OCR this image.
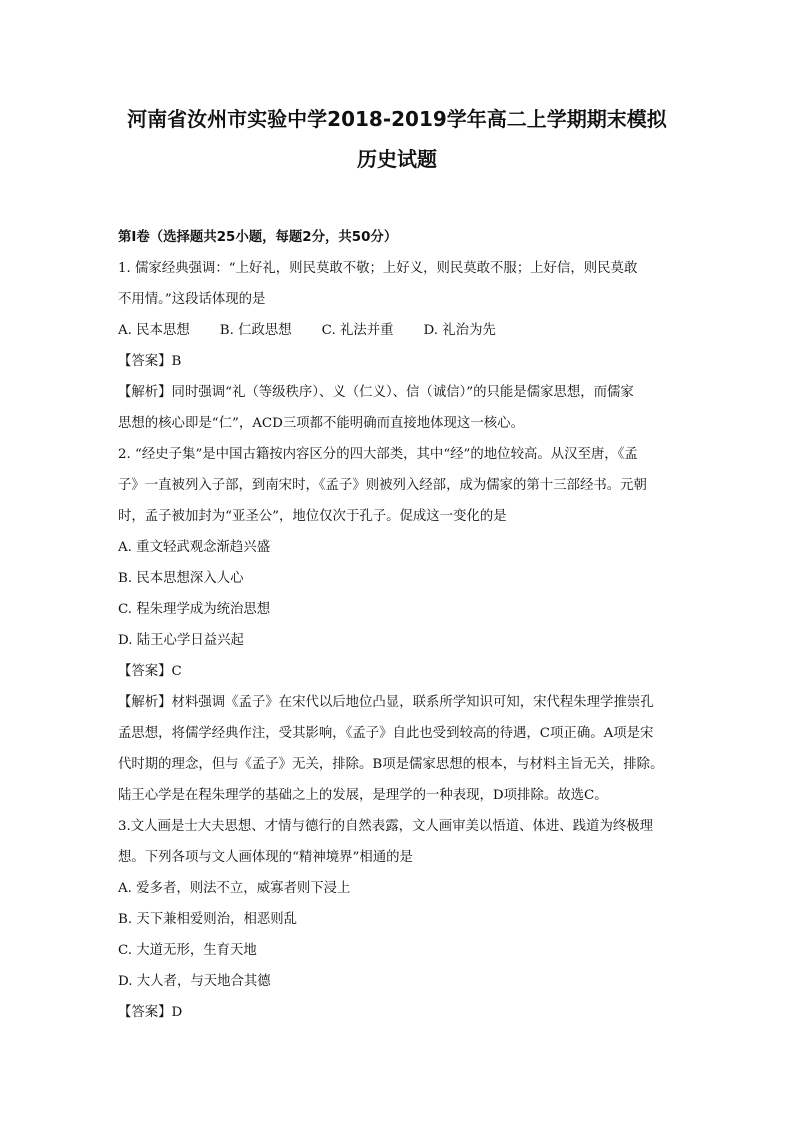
河南省汝州市实验中学2018-2019学年高二上学期期末模拟
历史试题
第Ⅰ卷（选择题共25小题，每题2分，共50分）
1. 儒家经典强调：“上好礼，则民莫敢不敬；上好义，则民莫敢不服；上好信，则民莫敢
不用情。”这段话体现的是
A. 民本思想 B. 仁政思想 C. 礼法并重 D. 礼治为先
【答案】B
【解析】同时强调“礼（等级秩序）、义（仁义）、信（诚信）”的只能是儒家思想，而儒家
思想的核心即是“仁”，ACD三项都不能明确而直接地体现这一核心。
2. “经史子集”是中国古籍按内容区分的四大部类，其中“经”的地位较高。从汉至唐，《孟
子》一直被列入子部，到南宋时，《孟子》则被列入经部，成为儒家的第十三部经书。元朝
时，孟子被加封为“亚圣公”，地位仅次于孔子。促成这一变化的是
A. 重文轻武观念渐趋兴盛
B. 民本思想深入人心
C. 程朱理学成为统治思想
D. 陆王心学日益兴起
【答案】C
【解析】材料强调《孟子》在宋代以后地位凸显，联系所学知识可知，宋代程朱理学推崇孔
孟思想，将儒学经典作注，受其影响，《孟子》自此也受到较高的待遇，C项正确。A项是宋
代时期的理念，但与《孟子》无关，排除。B项是儒家思想的根本，与材料主旨无关，排除。
陆王心学是在程朱理学的基础之上的发展，是理学的一种表现，D项排除。故选C。
3.文人画是士大夫思想、才情与德行的自然表露，文人画审美以悟道、体进、践道为终极理
想。下列各项与文人画体现的“精神境界”相通的是
A. 爱多者，则法不立，威寡者则下浸上
B. 天下兼相爱则治，相恶则乱
C. 大道无形，生育天地
D. 大人者，与天地合其德
【答案】D
